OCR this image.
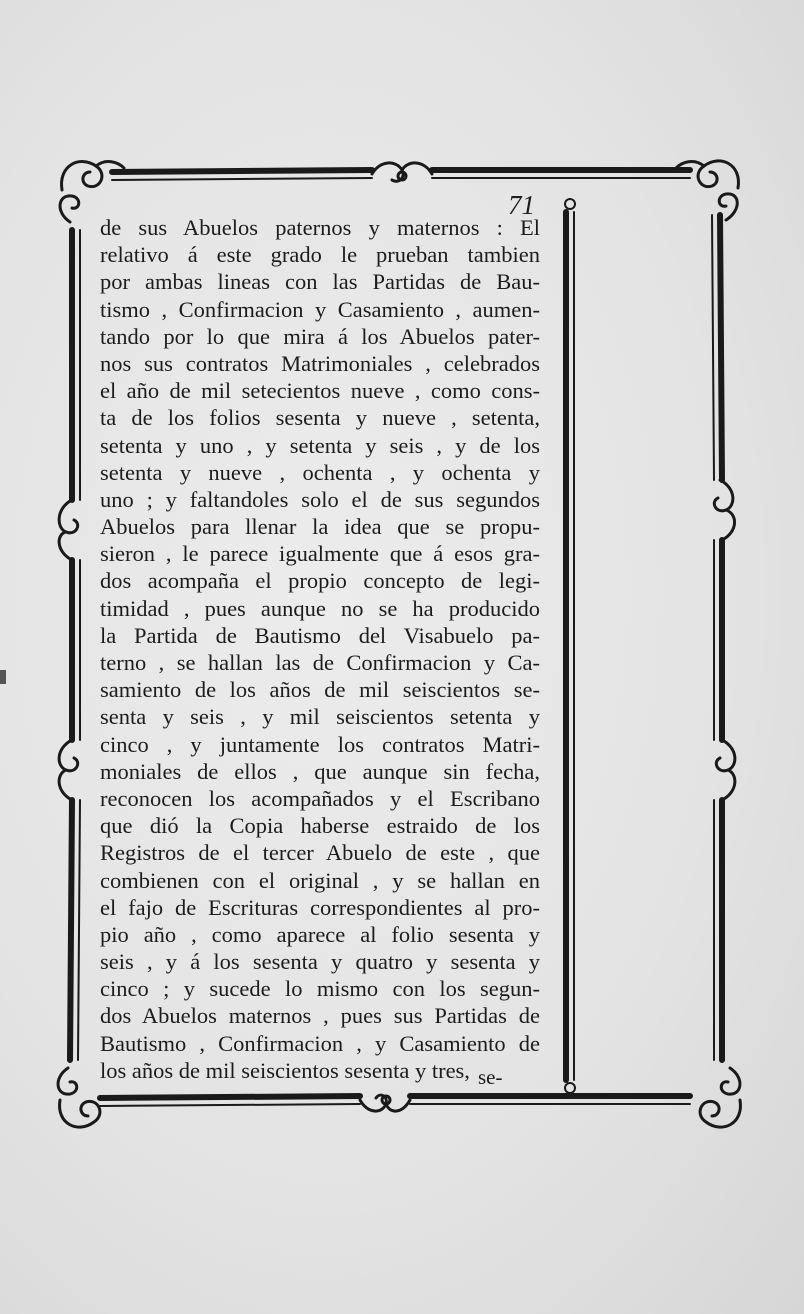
71
de sus Abuelos paternos y maternos : El
relativo á este grado le prueban tambien
por ambas lineas con las Partidas de Bau-
tismo , Confirmacion y Casamiento , aumen-
tando por lo que mira á los Abuelos pater-
nos sus contratos Matrimoniales , celebrados
el año de mil setecientos nueve , como cons-
ta de los folios sesenta y nueve , setenta,
setenta y uno , y setenta y seis , y de los
setenta y nueve , ochenta , y ochenta y
uno ; y faltandoles solo el de sus segundos
Abuelos para llenar la idea que se propu-
sieron , le parece igualmente que á esos gra-
dos acompaña el propio concepto de legi-
timidad , pues aunque no se ha producido
la Partida de Bautismo del Visabuelo pa-
terno , se hallan las de Confirmacion y Ca-
samiento de los años de mil seiscientos se-
senta y seis , y mil seiscientos setenta y
cinco , y juntamente los contratos Matri-
moniales de ellos , que aunque sin fecha,
reconocen los acompañados y el Escribano
que dió la Copia haberse estraido de los
Registros de el tercer Abuelo de este , que
combienen con el original , y se hallan en
el fajo de Escrituras correspondientes al pro-
pio año , como aparece al folio sesenta y
seis , y á los sesenta y quatro y sesenta y
cinco ; y sucede lo mismo con los segun-
dos Abuelos maternos , pues sus Partidas de
Bautismo , Confirmacion , y Casamiento de
los años de mil seiscientos sesenta y tres, se-
